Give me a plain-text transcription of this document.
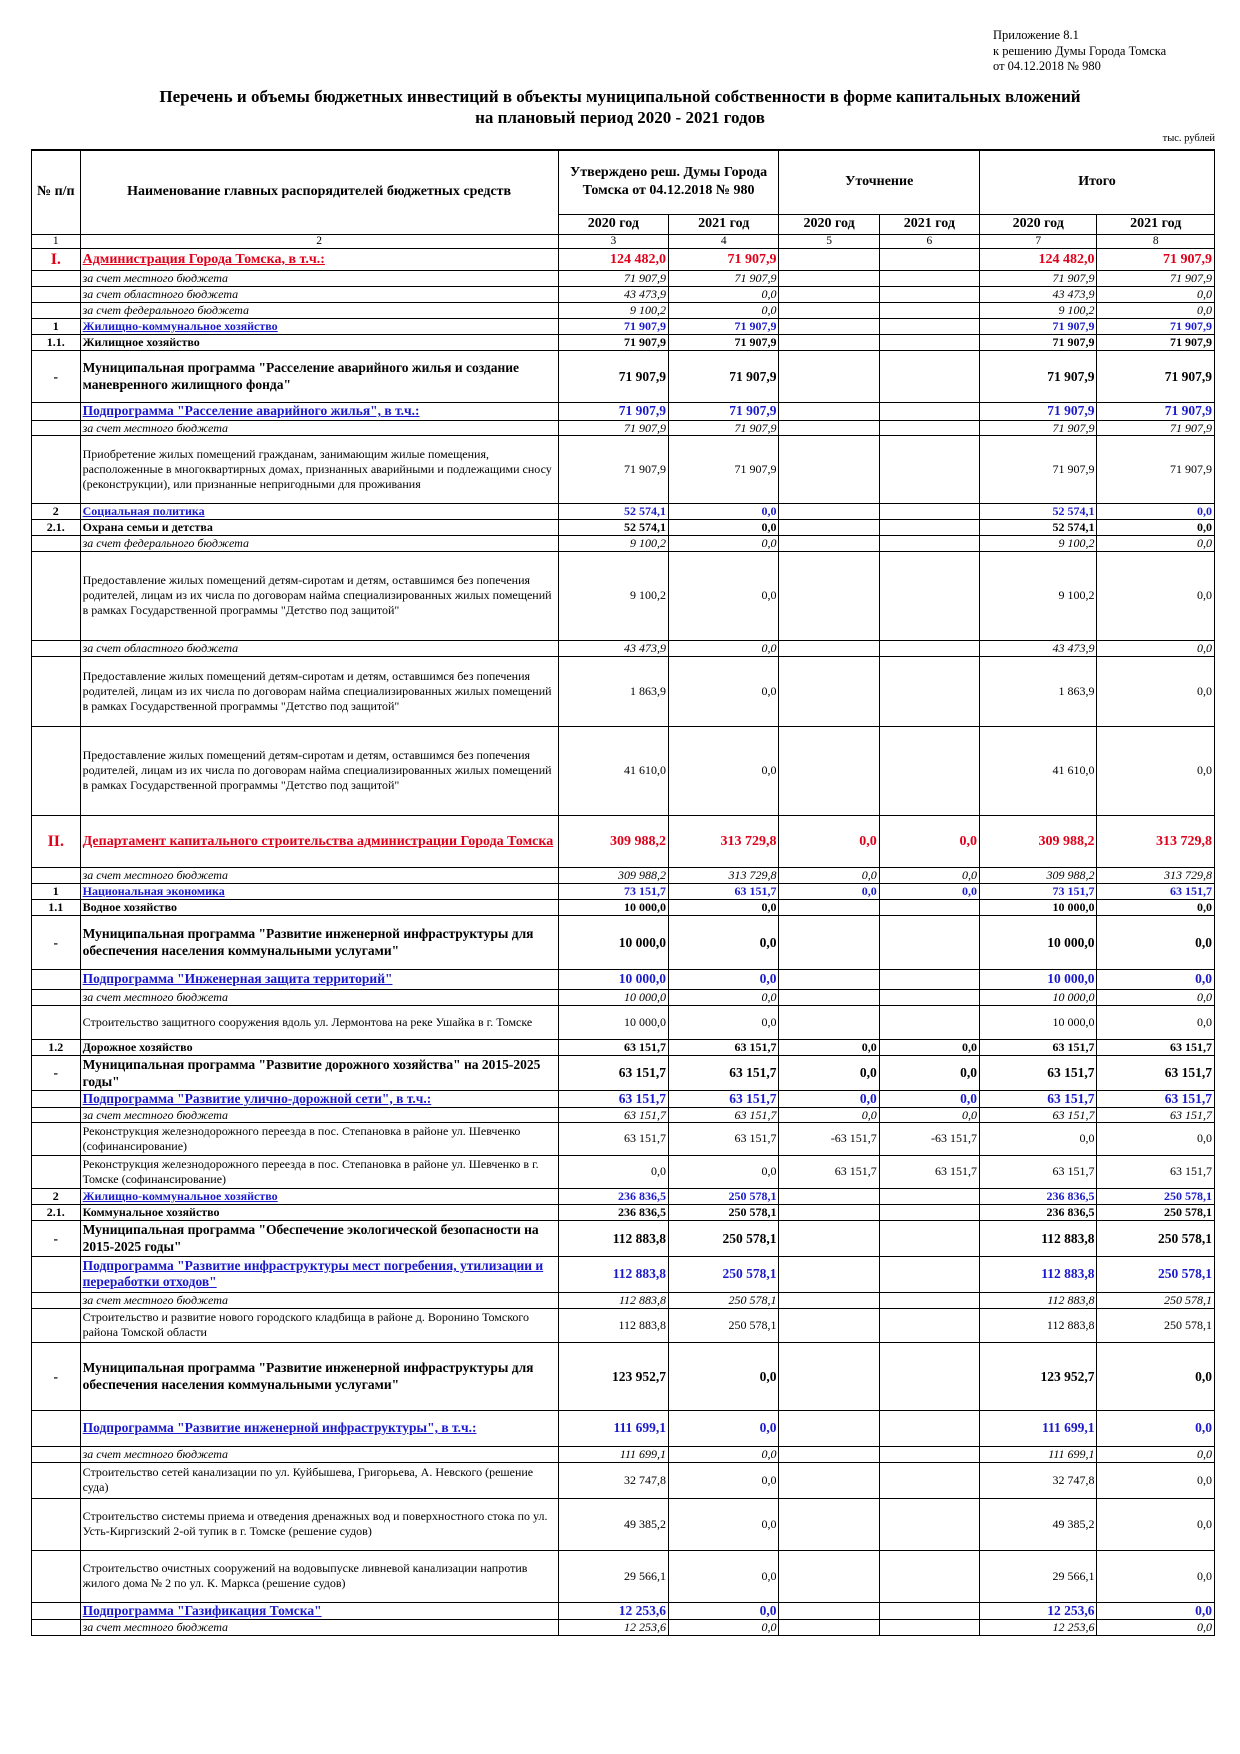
Приложение 8.1
к решению Думы Города Томска
от 04.12.2018 № 980
Перечень и объемы бюджетных инвестиций в объекты муниципальной собственности в форме капитальных вложений
на плановый период 2020 - 2021 годов
тыс. рублей
№ п/п	Наименование главных распорядителей бюджетных средств	Утверждено реш. Думы Города Томска от 04.12.2018 № 980		Уточнение		Итого	
		2020 год	2021 год	2020 год	2021 год	2020 год	2021 год
1	2	3	4	5	6	7	8
I.	Администрация Города Томска, в т.ч.:	124 482,0	71 907,9			124 482,0	71 907,9
	за счет местного бюджета	71 907,9	71 907,9			71 907,9	71 907,9
	за счет областного бюджета	43 473,9	0,0			43 473,9	0,0
	за счет федерального бюджета	9 100,2	0,0			9 100,2	0,0
1	Жилищно-коммунальное хозяйство	71 907,9	71 907,9			71 907,9	71 907,9
1.1.	Жилищное хозяйство	71 907,9	71 907,9			71 907,9	71 907,9
-	Муниципальная программа "Расселение аварийного жилья и создание маневренного жилищного фонда"	71 907,9	71 907,9			71 907,9	71 907,9
	Подпрограмма "Расселение аварийного жилья", в т.ч.:	71 907,9	71 907,9			71 907,9	71 907,9
	за счет местного бюджета	71 907,9	71 907,9			71 907,9	71 907,9
	Приобретение жилых помещений гражданам, занимающим жилые помещения, расположенные в многоквартирных домах, признанных аварийными и подлежащими сносу (реконструкции), или признанные непригодными для проживания	71 907,9	71 907,9			71 907,9	71 907,9
2	Социальная политика	52 574,1	0,0			52 574,1	0,0
2.1.	Охрана семьи и детства	52 574,1	0,0			52 574,1	0,0
	за счет федерального бюджета	9 100,2	0,0			9 100,2	0,0
	Предоставление жилых помещений детям-сиротам и детям, оставшимся без попечения родителей, лицам из их числа по договорам найма специализированных жилых помещений в рамках Государственной программы "Детство под защитой"	9 100,2	0,0			9 100,2	0,0
	за счет областного бюджета	43 473,9	0,0			43 473,9	0,0
	Предоставление жилых помещений детям-сиротам и детям, оставшимся без попечения родителей, лицам из их числа по договорам найма специализированных жилых помещений в рамках Государственной программы "Детство под защитой"	1 863,9	0,0			1 863,9	0,0
	Предоставление жилых помещений детям-сиротам и детям, оставшимся без попечения родителей, лицам из их числа по договорам найма специализированных жилых помещений в рамках Государственной программы "Детство под защитой"	41 610,0	0,0			41 610,0	0,0
II.	Департамент капитального строительства администрации Города Томска	309 988,2	313 729,8	0,0	0,0	309 988,2	313 729,8
	за счет местного бюджета	309 988,2	313 729,8	0,0	0,0	309 988,2	313 729,8
1	Национальная экономика	73 151,7	63 151,7	0,0	0,0	73 151,7	63 151,7
1.1	Водное хозяйство	10 000,0	0,0			10 000,0	0,0
-	Муниципальная программа "Развитие инженерной инфраструктуры для обеспечения населения коммунальными услугами"	10 000,0	0,0			10 000,0	0,0
	Подпрограмма "Инженерная защита территорий"	10 000,0	0,0			10 000,0	0,0
	за счет местного бюджета	10 000,0	0,0			10 000,0	0,0
	Строительство защитного сооружения вдоль ул. Лермонтова на реке Ушайка в г. Томске	10 000,0	0,0			10 000,0	0,0
1.2	Дорожное хозяйство	63 151,7	63 151,7	0,0	0,0	63 151,7	63 151,7
-	Муниципальная программа "Развитие дорожного хозяйства" на 2015-2025 годы"	63 151,7	63 151,7	0,0	0,0	63 151,7	63 151,7
	Подпрограмма "Развитие улично-дорожной сети", в т.ч.:	63 151,7	63 151,7	0,0	0,0	63 151,7	63 151,7
	за счет местного бюджета	63 151,7	63 151,7	0,0	0,0	63 151,7	63 151,7
	Реконструкция железнодорожного переезда в пос. Степановка в районе ул. Шевченко (софинансирование)	63 151,7	63 151,7	-63 151,7	-63 151,7	0,0	0,0
	Реконструкция железнодорожного переезда в пос. Степановка в районе ул. Шевченко в г. Томске (софинансирование)	0,0	0,0	63 151,7	63 151,7	63 151,7	63 151,7
2	Жилищно-коммунальное хозяйство	236 836,5	250 578,1			236 836,5	250 578,1
2.1.	Коммунальное хозяйство	236 836,5	250 578,1			236 836,5	250 578,1
-	Муниципальная программа "Обеспечение экологической безопасности на 2015-2025 годы"	112 883,8	250 578,1			112 883,8	250 578,1
	Подпрограмма "Развитие инфраструктуры мест погребения, утилизации и переработки отходов"	112 883,8	250 578,1			112 883,8	250 578,1
	за счет местного бюджета	112 883,8	250 578,1			112 883,8	250 578,1
	Строительство и развитие нового городского кладбища в районе д. Воронино Томского района Томской области	112 883,8	250 578,1			112 883,8	250 578,1
-	Муниципальная программа "Развитие инженерной инфраструктуры для обеспечения населения коммунальными услугами"	123 952,7	0,0			123 952,7	0,0
	Подпрограмма "Развитие инженерной инфраструктуры", в т.ч.:	111 699,1	0,0			111 699,1	0,0
	за счет местного бюджета	111 699,1	0,0			111 699,1	0,0
	Строительство сетей канализации по ул. Куйбышева, Григорьева, А. Невского (решение суда)	32 747,8	0,0			32 747,8	0,0
	Строительство системы приема и отведения дренажных вод и поверхностного стока по ул. Усть-Киргизский 2-ой тупик в г. Томске (решение судов)	49 385,2	0,0			49 385,2	0,0
	Строительство очистных сооружений на водовыпуске ливневой канализации напротив жилого дома № 2 по ул. К. Маркса (решение судов)	29 566,1	0,0			29 566,1	0,0
	Подпрограмма "Газификация Томска"	12 253,6	0,0			12 253,6	0,0
	за счет местного бюджета	12 253,6	0,0			12 253,6	0,0
